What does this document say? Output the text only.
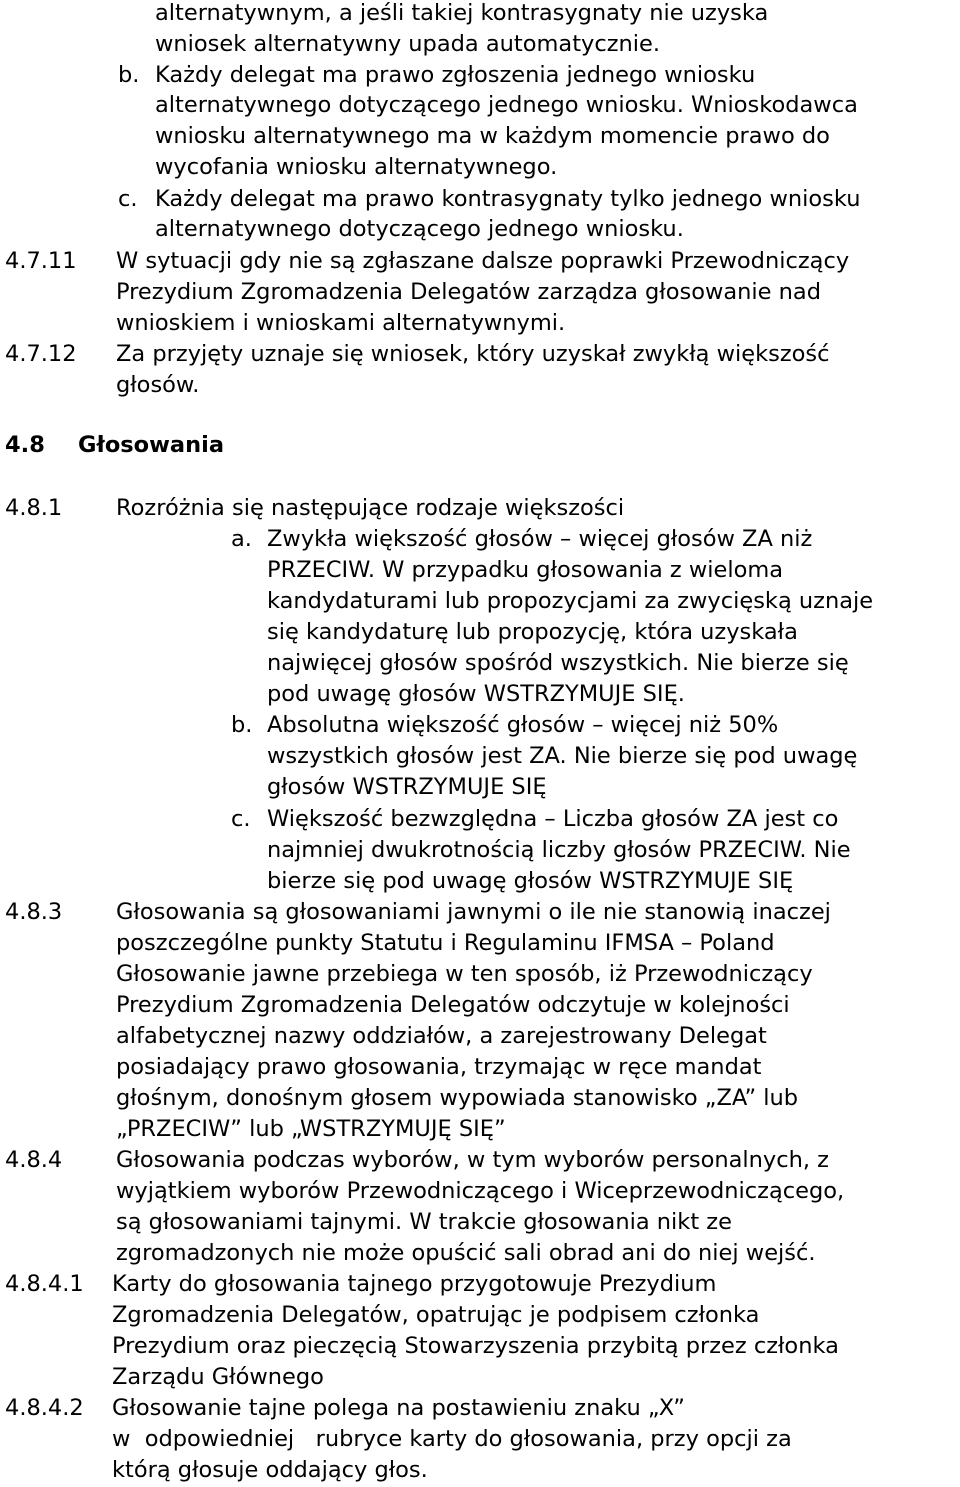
alternatywnym, a jeśli takiej kontrasygnaty nie uzyska
wniosek alternatywny upada automatycznie.
b. Każdy delegat ma prawo zgłoszenia jednego wniosku
alternatywnego dotyczącego jednego wniosku. Wnioskodawca
wniosku alternatywnego ma w każdym momencie prawo do
wycofania wniosku alternatywnego.
c. Każdy delegat ma prawo kontrasygnaty tylko jednego wniosku
alternatywnego dotyczącego jednego wniosku.
4.7.11 W sytuacji gdy nie są zgłaszane dalsze poprawki Przewodniczący
Prezydium Zgromadzenia Delegatów zarządza głosowanie nad
wnioskiem i wnioskami alternatywnymi.
4.7.12 Za przyjęty uznaje się wniosek, który uzyskał zwykłą większość
głosów.
4.8 Głosowania
4.8.1 Rozróżnia się następujące rodzaje większości
a. Zwykła większość głosów – więcej głosów ZA niż
PRZECIW. W przypadku głosowania z wieloma
kandydaturami lub propozycjami za zwycięską uznaje
się kandydaturę lub propozycję, która uzyskała
najwięcej głosów spośród wszystkich. Nie bierze się
pod uwagę głosów WSTRZYMUJE SIĘ.
b. Absolutna większość głosów – więcej niż 50%
wszystkich głosów jest ZA. Nie bierze się pod uwagę
głosów WSTRZYMUJE SIĘ
c. Większość bezwzględna – Liczba głosów ZA jest co
najmniej dwukrotnością liczby głosów PRZECIW. Nie
bierze się pod uwagę głosów WSTRZYMUJE SIĘ
4.8.3 Głosowania są głosowaniami jawnymi o ile nie stanowią inaczej
poszczególne punkty Statutu i Regulaminu IFMSA – Poland
Głosowanie jawne przebiega w ten sposób, iż Przewodniczący
Prezydium Zgromadzenia Delegatów odczytuje w kolejności
alfabetycznej nazwy oddziałów, a zarejestrowany Delegat
posiadający prawo głosowania, trzymając w ręce mandat
głośnym, donośnym głosem wypowiada stanowisko „ZA” lub
„PRZECIW” lub „WSTRZYMUJĘ SIĘ”
4.8.4 Głosowania podczas wyborów, w tym wyborów personalnych, z
wyjątkiem wyborów Przewodniczącego i Wiceprzewodniczącego,
są głosowaniami tajnymi. W trakcie głosowania nikt ze
zgromadzonych nie może opuścić sali obrad ani do niej wejść.
4.8.4.1 Karty do głosowania tajnego przygotowuje Prezydium
Zgromadzenia Delegatów, opatrując je podpisem członka
Prezydium oraz pieczęcią Stowarzyszenia przybitą przez członka
Zarządu Głównego
4.8.4.2 Głosowanie tajne polega na postawieniu znaku „X”
w  odpowiedniej   rubryce karty do głosowania, przy opcji za
którą głosuje oddający głos.
